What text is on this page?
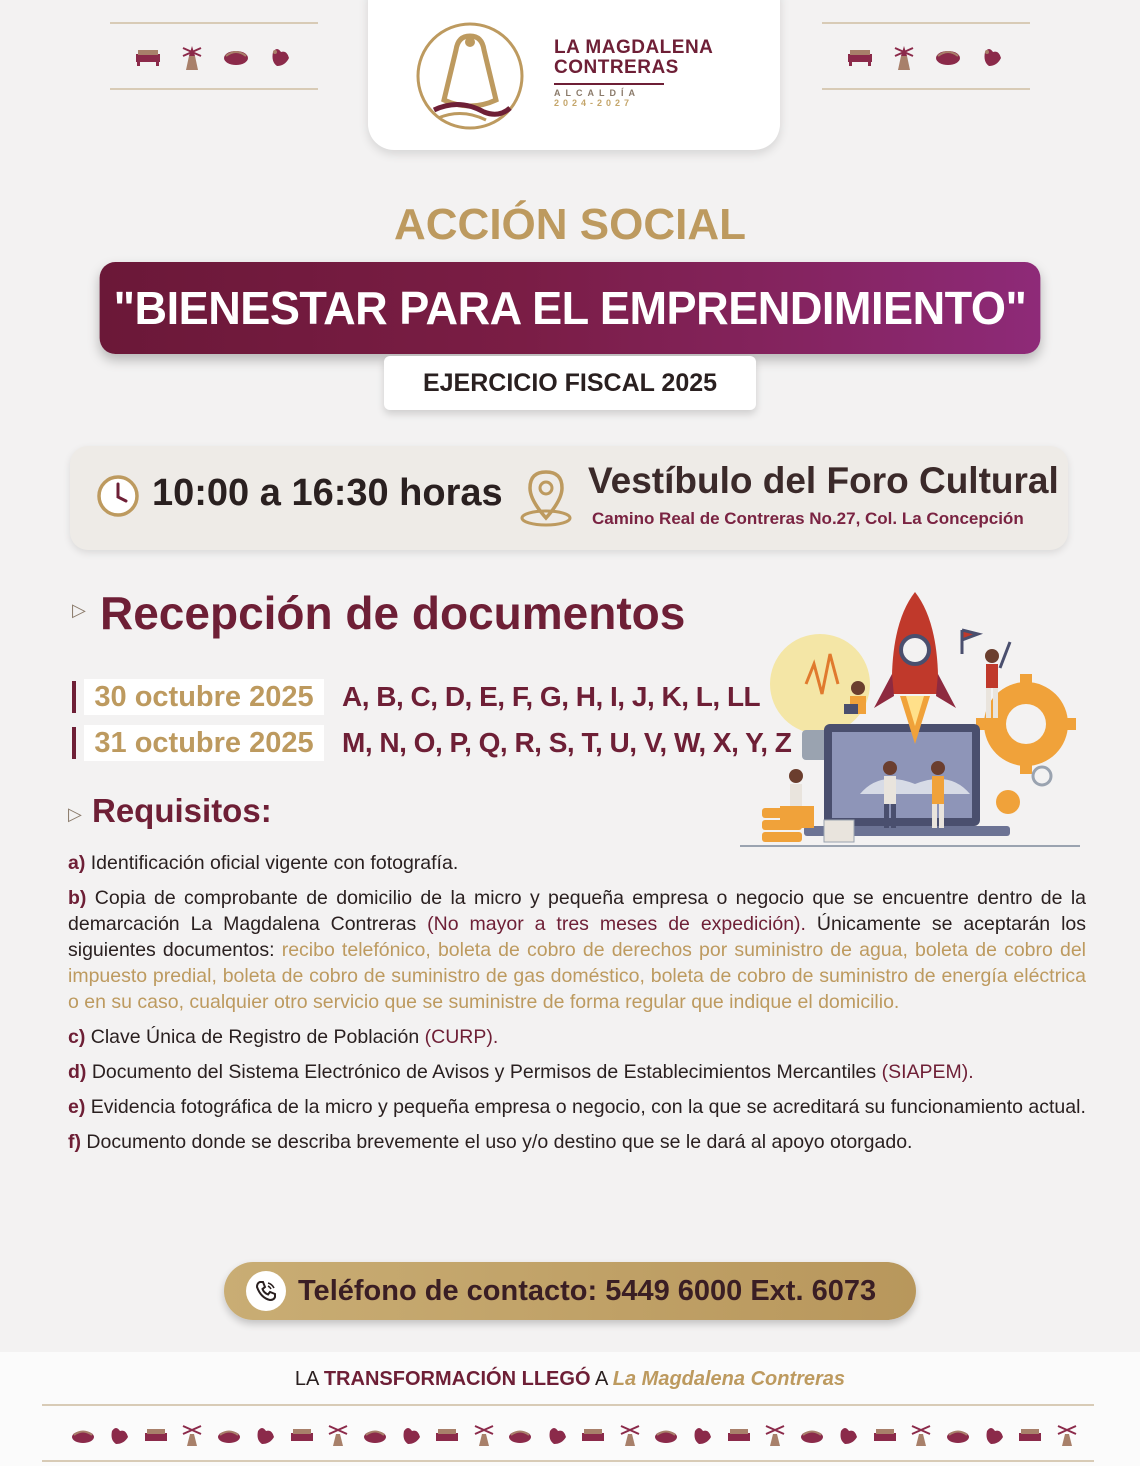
LA MAGDALENA
CONTRERAS
ALCALDÍA
2024-2027
ACCIÓN SOCIAL
"BIENESTAR PARA EL EMPRENDIMIENTO"
EJERCICIO FISCAL 2025
10:00 a 16:30 horas Vestíbulo del Foro Cultural
Camino Real de Contreras No.27, Col. La Concepción
▷ Recepción de documentos
30 octubre 2025	A, B, C, D, E, F, G, H, I, J, K, L, LL
31 octubre 2025	M, N, O, P, Q, R, S, T, U, V, W, X, Y, Z
▷ Requisitos:
a) Identificación oficial vigente con fotografía.
b) Copia de comprobante de domicilio de la micro y pequeña empresa o negocio que se encuentre dentro de la demarcación La Magdalena Contreras (No mayor a tres meses de expedición). Únicamente se aceptarán los siguientes documentos: recibo telefónico, boleta de cobro de derechos por suministro de agua, boleta de cobro del impuesto predial, boleta de cobro de suministro de gas doméstico, boleta de cobro de suministro de energía eléctrica o en su caso, cualquier otro servicio que se suministre de forma regular que indique el domicilio.
c) Clave Única de Registro de Población (CURP).
d) Documento del Sistema Electrónico de Avisos y Permisos de Establecimientos Mercantiles (SIAPEM).
e) Evidencia fotográfica de la micro y pequeña empresa o negocio, con la que se acreditará su funcionamiento actual.
f) Documento donde se describa brevemente el uso y/o destino que se le dará al apoyo otorgado.
Teléfono de contacto: 5449 6000 Ext. 6073
LA TRANSFORMACIÓN LLEGÓ A La Magdalena Contreras
